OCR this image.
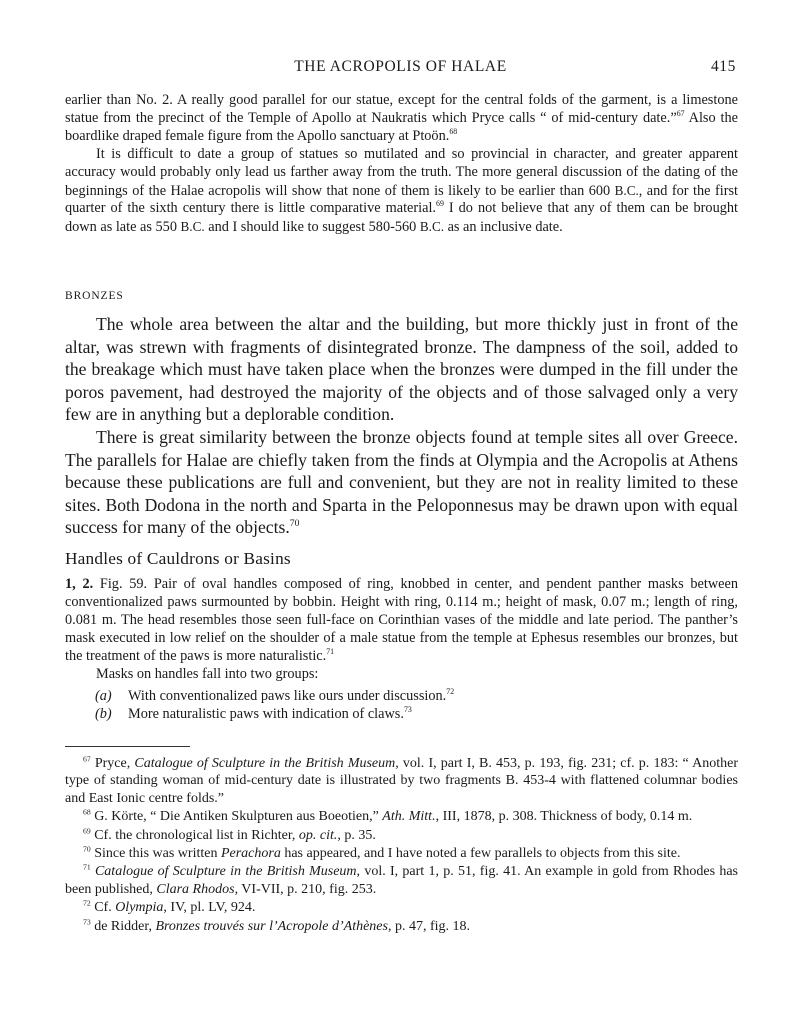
THE ACROPOLIS OF HALAE	415

earlier than No. 2. A really good parallel for our statue, except for the central folds of the garment, is a limestone statue from the precinct of the Temple of Apollo at Naukratis which Pryce calls “ of mid-century date.”$^{67}$ Also the boardlike draped female figure from the Apollo sanctuary at Ptoön.$^{68}$

It is difficult to date a group of statues so mutilated and so provincial in character, and greater apparent accuracy would probably only lead us farther away from the truth. The more general discussion of the dating of the beginnings of the Halae acropolis will show that none of them is likely to be earlier than 600 B.C., and for the first quarter of the sixth century there is little comparative material.$^{69}$ I do not believe that any of them can be brought down as late as 550 B.C. and I should like to suggest 580-560 B.C. as an inclusive date.

BRONZES

The whole area between the altar and the building, but more thickly just in front of the altar, was strewn with fragments of disintegrated bronze. The dampness of the soil, added to the breakage which must have taken place when the bronzes were dumped in the fill under the poros pavement, had destroyed the majority of the objects and of those salvaged only a very few are in anything but a deplorable condition.

There is great similarity between the bronze objects found at temple sites all over Greece. The parallels for Halae are chiefly taken from the finds at Olympia and the Acropolis at Athens because these publications are full and convenient, but they are not in reality limited to these sites. Both Dodona in the north and Sparta in the Peloponnesus may be drawn upon with equal success for many of the objects.$^{70}$

Handles of Cauldrons or Basins

1, 2. Fig. 59. Pair of oval handles composed of ring, knobbed in center, and pendent panther masks between conventionalized paws surmounted by bobbin. Height with ring, 0.114 m.; height of mask, 0.07 m.; length of ring, 0.081 m. The head resembles those seen full-face on Corinthian vases of the middle and late period. The panther’s mask executed in low relief on the shoulder of a male statue from the temple at Ephesus resembles our bronzes, but the treatment of the paws is more naturalistic.$^{71}$

Masks on handles fall into two groups:

(a) With conventionalized paws like ours under discussion.$^{72}$

(b) More naturalistic paws with indication of claws.$^{73}$

$^{67}$ Pryce, Catalogue of Sculpture in the British Museum, vol. I, part I, B. 453, p. 193, fig. 231; cf. p. 183: “ Another type of standing woman of mid-century date is illustrated by two fragments B. 453-4 with flattened columnar bodies and East Ionic centre folds.”

$^{68}$ G. Körte, “ Die Antiken Skulpturen aus Boeotien,” Ath. Mitt., III, 1878, p. 308. Thickness of body, 0.14 m.

$^{69}$ Cf. the chronological list in Richter, op. cit., p. 35.

$^{70}$ Since this was written Perachora has appeared, and I have noted a few parallels to objects from this site.

$^{71}$ Catalogue of Sculpture in the British Museum, vol. I, part 1, p. 51, fig. 41. An example in gold from Rhodes has been published, Clara Rhodos, VI-VII, p. 210, fig. 253.

$^{72}$ Cf. Olympia, IV, pl. LV, 924.

$^{73}$ de Ridder, Bronzes trouvés sur l’Acropole d’Athènes, p. 47, fig. 18.
